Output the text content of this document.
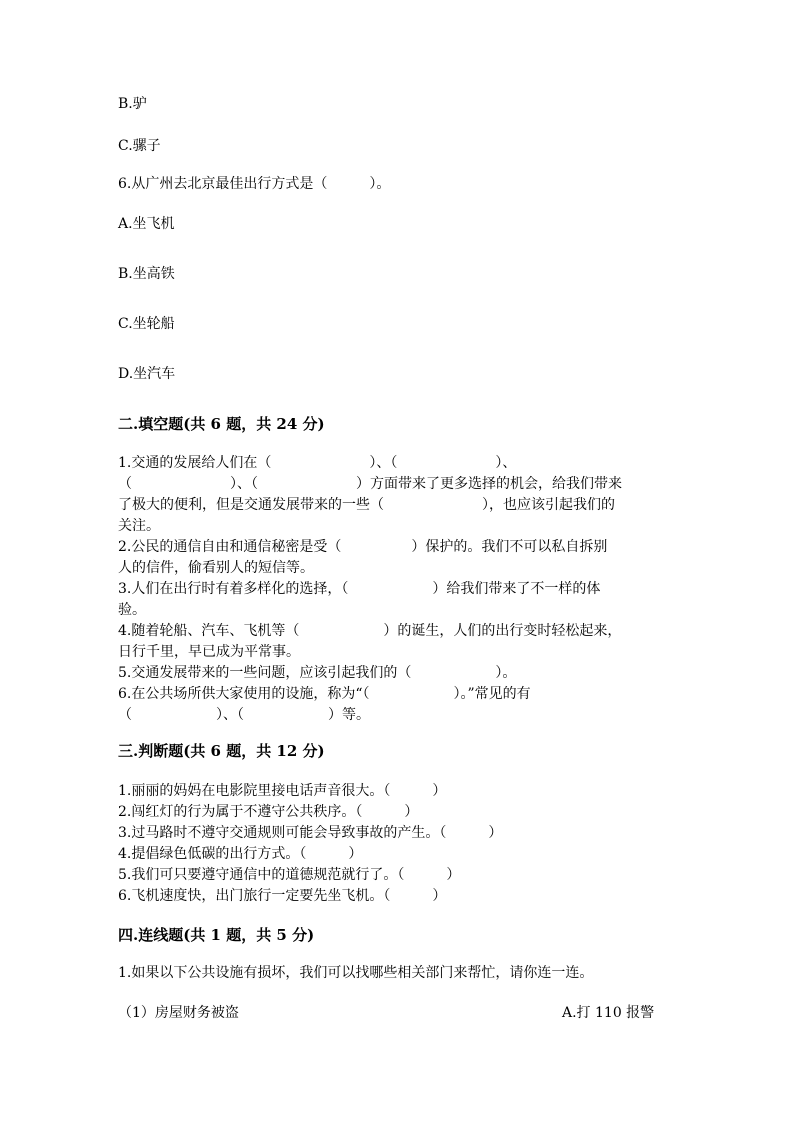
B.驴
C.骡子
6.从广州去北京最佳出行方式是（　　　）。
A.坐飞机
B.坐高铁
C.坐轮船
D.坐汽车
二.填空题(共 6 题，共 24 分)
1.交通的发展给人们在（　　　　　　　）、（　　　　　　　）、
（　　　　　　　）、（　　　　　　　）方面带来了更多选择的机会，给我们带来
了极大的便利，但是交通发展带来的一些（　　　　　　　），也应该引起我们的
关注。
2.公民的通信自由和通信秘密是受（　　　　　）保护的。我们不可以私自拆别
人的信件，偷看别人的短信等。
3.人们在出行时有着多样化的选择，（　　　　　　）给我们带来了不一样的体
验。
4.随着轮船、汽车、飞机等（　　　　　　）的诞生，人们的出行变时轻松起来，
日行千里，早已成为平常事。
5.交通发展带来的一些问题，应该引起我们的（　　　　　　）。
6.在公共场所供大家使用的设施，称为“（　　　　　　）。”常见的有
（　　　　　　）、（　　　　　　）等。
三.判断题(共 6 题，共 12 分)
1.丽丽的妈妈在电影院里接电话声音很大。（　　　）
2.闯红灯的行为属于不遵守公共秩序。（　　　）
3.过马路时不遵守交通规则可能会导致事故的产生。（　　　）
4.提倡绿色低碳的出行方式。（　　　）
5.我们可只要遵守通信中的道德规范就行了。（　　　）
6.飞机速度快，出门旅行一定要先坐飞机。（　　　）
四.连线题(共 1 题，共 5 分)
1.如果以下公共设施有损坏，我们可以找哪些相关部门来帮忙，请你连一连。
（1）房屋财务被盗	A.打 110 报警
